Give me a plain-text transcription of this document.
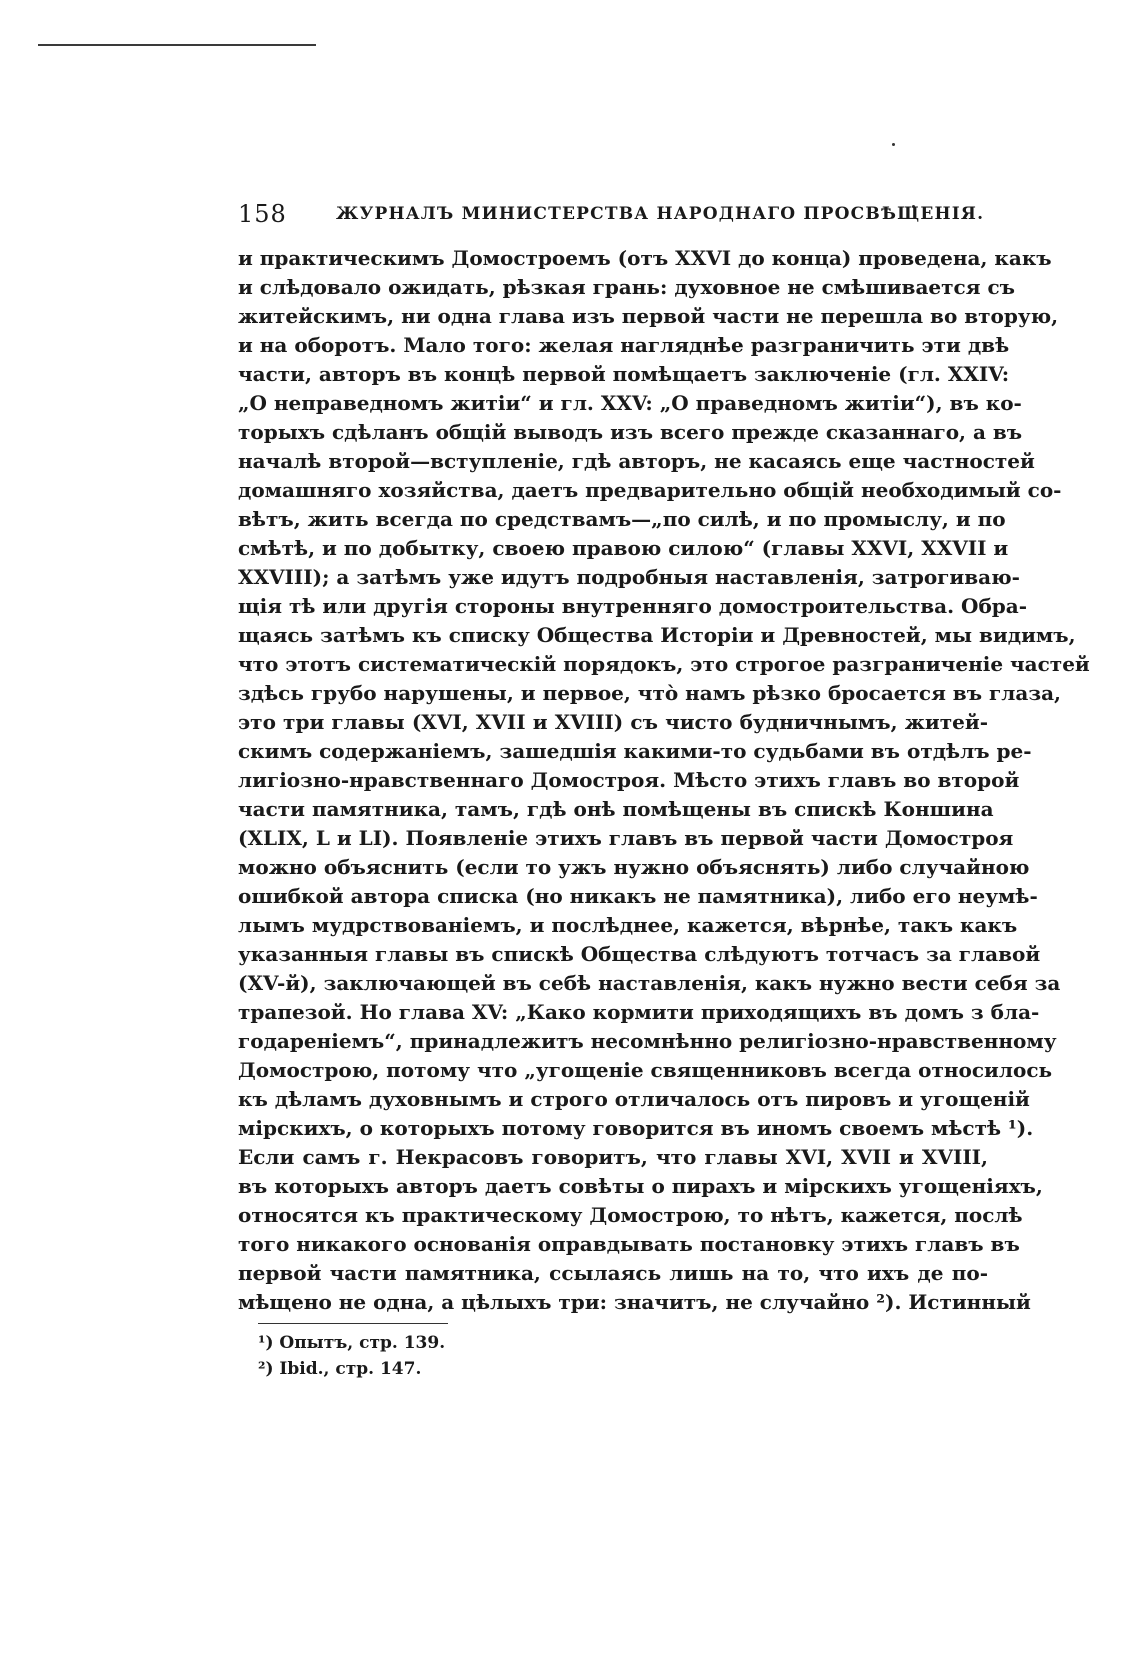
158	ЖУРНАЛЪ МИНИСТЕРСТВА НАРОДНАГО ПРОСВѢЩЕНІЯ.
и практическимъ Домостроемъ (отъ XXVI до конца) проведена, какъ
и слѣдовало ожидать, рѣзкая грань: духовное не смѣшивается съ
житейскимъ, ни одна глава изъ первой части не перешла во вторую,
и на оборотъ. Мало того: желая нагляднѣе разграничить эти двѣ
части, авторъ въ концѣ первой помѣщаетъ заключеніе (гл. XXIV:
„О неправедномъ житіи“ и гл. XXV: „О праведномъ житіи“), въ ко-
торыхъ сдѣланъ общій выводъ изъ всего прежде сказаннаго, а въ
началѣ второй—вступленіе, гдѣ авторъ, не касаясь еще частностей
домашняго хозяйства, даетъ предварительно общій необходимый со-
вѣтъ, жить всегда по средствамъ—„по силѣ, и по промыслу, и по
смѣтѣ, и по добытку, своею правою силою“ (главы XXVI, XXVII и
XXVIII); а затѣмъ уже идутъ подробныя наставленія, затрогиваю-
щія тѣ или другія стороны внутренняго домостроительства. Обра-
щаясь затѣмъ къ списку Общества Исторіи и Древностей, мы видимъ,
что этотъ систематическій порядокъ, это строгое разграниченіе частей
здѣсь грубо нарушены, и первое, что̀ намъ рѣзко бросается въ глаза,
это три главы (XVI, XVII и XVIII) съ чисто будничнымъ, житей-
скимъ содержаніемъ, зашедшія какими-то судьбами въ отдѣлъ ре-
лигіозно-нравственнаго Домостроя. Мѣсто этихъ главъ во второй
части памятника, тамъ, гдѣ онѣ помѣщены въ спискѣ Коншина
(XLIX, L и LI). Появленіе этихъ главъ въ первой части Домостроя
можно объяснить (если то ужъ нужно объяснять) либо случайною
ошибкой автора списка (но никакъ не памятника), либо его неумѣ-
лымъ мудрствованіемъ, и послѣднее, кажется, вѣрнѣе, такъ какъ
указанныя главы въ спискѣ Общества слѣдуютъ тотчасъ за главой
(XV-й), заключающей въ себѣ наставленія, какъ нужно вести себя за
трапезой. Но глава XV: „Како кормити приходящихъ въ домъ з бла-
годареніемъ“, принадлежитъ несомнѣнно религіозно-нравственному
Домострою, потому что „угощеніе священниковъ всегда относилось
къ дѣламъ духовнымъ и строго отличалось отъ пировъ и угощеній
мірскихъ, о которыхъ потому говорится въ иномъ своемъ мѣстѣ ¹).
Если самъ г. Некрасовъ говоритъ, что главы XVI, XVII и XVIII,
въ которыхъ авторъ даетъ совѣты о пирахъ и мірскихъ угощеніяхъ,
относятся къ практическому Домострою, то нѣтъ, кажется, послѣ
того никакого основанія оправдывать постановку этихъ главъ въ
первой части памятника, ссылаясь лишь на то, что ихъ де по-
мѣщено не одна, а цѣлыхъ три: значитъ, не случайно ²). Истинный
¹) Опытъ, стр. 139.
²) Ibid., стр. 147.
